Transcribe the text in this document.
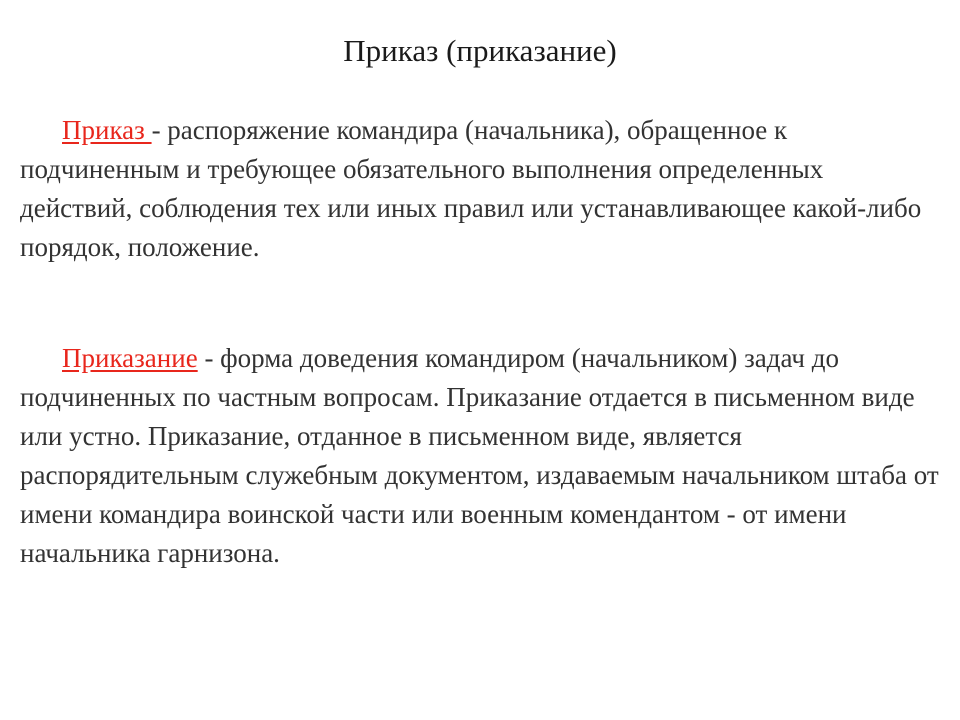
Приказ (приказание)

Приказ - распоряжение командира (начальника), обращенное к подчиненным и требующее обязательного выполнения определенных действий, соблюдения тех или иных правил или устанавливающее какой-либо порядок, положение.

Приказание - форма доведения командиром (начальником) задач до подчиненных по частным вопросам. Приказание отдается в письменном виде или устно. Приказание, отданное в письменном виде, является распорядительным служебным документом, издаваемым начальником штаба от имени командира воинской части или военным комендантом - от имени начальника гарнизона.
